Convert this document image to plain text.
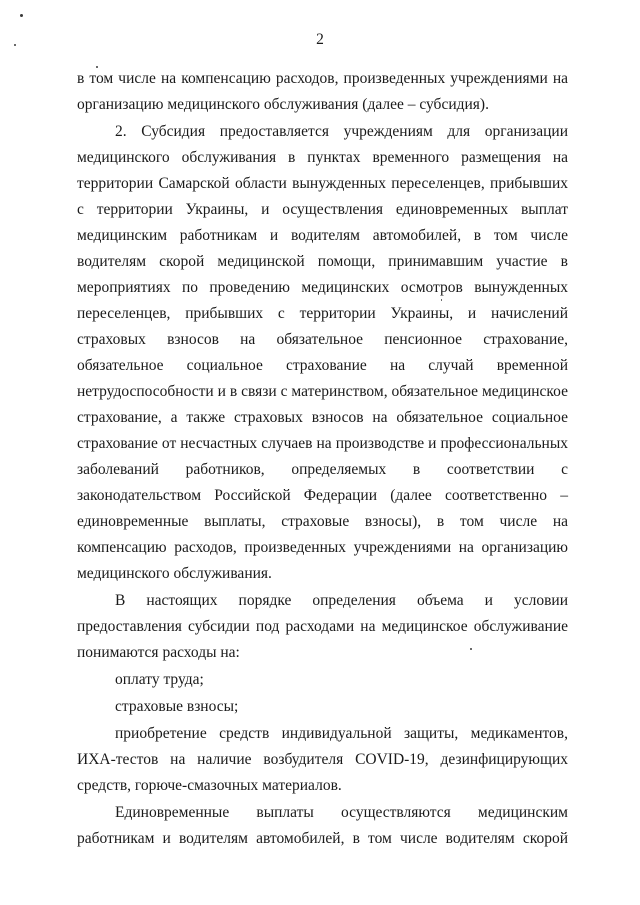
2

в том числе на компенсацию расходов, произведенных учреждениями на организацию медицинского обслуживания (далее – субсидия).

2. Субсидия предоставляется учреждениям для организации медицинского обслуживания в пунктах временного размещения на территории Самарской области вынужденных переселенцев, прибывших с территории Украины, и осуществления единовременных выплат медицинским работникам и водителям автомобилей, в том числе водителям скорой медицинской помощи, принимавшим участие в мероприятиях по проведению медицинских осмотров вынужденных переселенцев, прибывших с территории Украины, и начислений страховых взносов на обязательное пенсионное страхование, обязательное социальное страхование на случай временной нетрудоспособности и в связи с материнством, обязательное медицинское страхование, а также страховых взносов на обязательное социальное страхование от несчастных случаев на производстве и профессиональных заболеваний работников, определяемых в соответствии с законодательством Российской Федерации (далее соответственно – единовременные выплаты, страховые взносы), в том числе на компенсацию расходов, произведенных учреждениями на организацию медицинского обслуживания.

В настоящих порядке определения объема и условии предоставления субсидии под расходами на медицинское обслуживание понимаются расходы на:

оплату труда;

страховые взносы;

приобретение средств индивидуальной защиты, медикаментов, ИХА-тестов на наличие возбудителя COVID-19, дезинфицирующих средств, горюче-смазочных материалов.

Единовременные выплаты осуществляются медицинским работникам и водителям автомобилей, в том числе водителям скорой
